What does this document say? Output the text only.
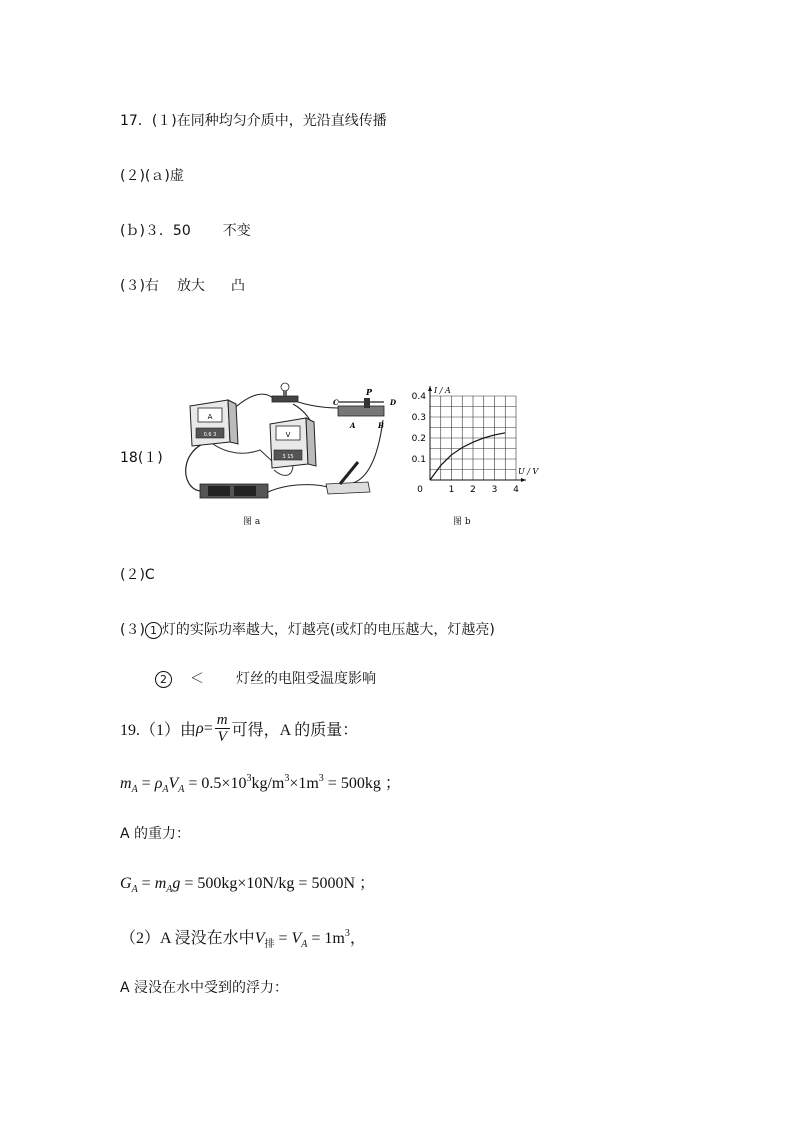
17．(１)在同种均匀介质中，光沿直线传播
(２)(ａ)虚
(ｂ)３．50 不变
(３)右 放大 凸
18(１)
A
0.6 3	V
3 15
P
C	D
A	B
图 a
0	1 2 3 4
0.1
0.2
0.3
0.4
U / V
I / A
图 b
(２)C
(３) 1 灯的实际功率越大，灯越亮(或灯的电压越大，灯越亮)
2 ＜ 灯丝的电阻受温度影响
19.（1）由 $\rho = \frac{m}{V}$ 可得，A 的质量：
$m_A = \rho_AV_A = 0.5\times 10^3kg/m^3\times 1m^3 = 500kg$ ；
A 的重力：
$G_A = m_Ag = 500kg\times 10N/kg = 5000N$ ；
（2）A 浸没在水中$V_排 = V_A = 1m^3$，
A 浸没在水中受到的浮力：
